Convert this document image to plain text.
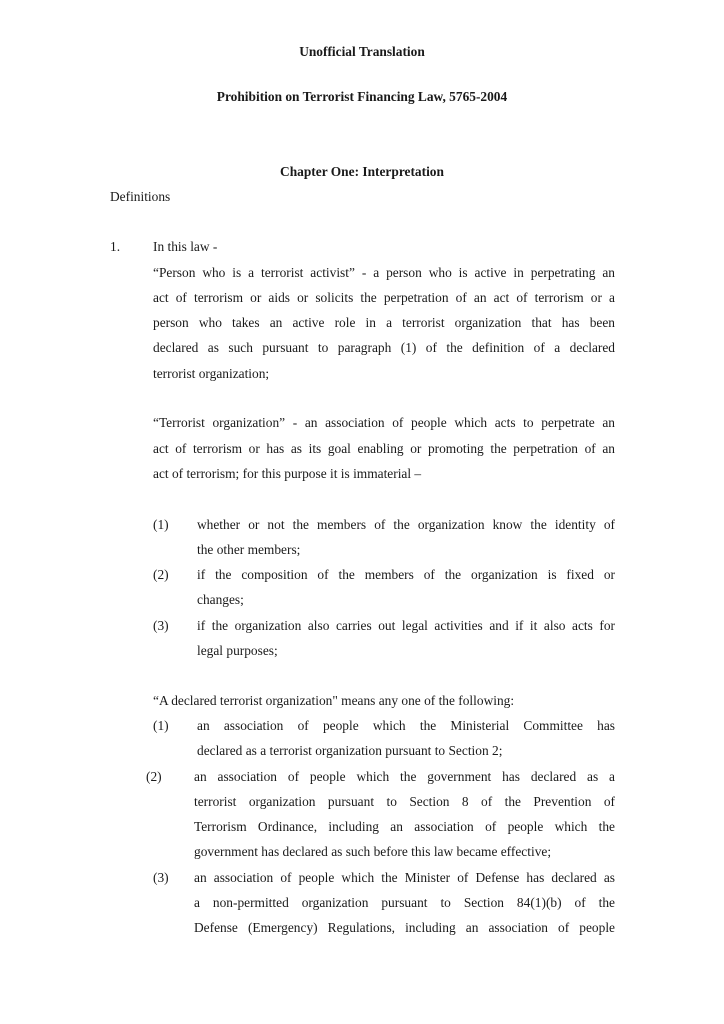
Unofficial Translation

Prohibition on Terrorist Financing Law, 5765-2004

Chapter One: Interpretation

Definitions

1. In this law -

“Person who is a terrorist activist” - a person who is active in perpetrating an

act of terrorism or aids or solicits the perpetration of an act of terrorism or a

person who takes an active role in a terrorist organization that has been

declared as such pursuant to paragraph (1) of the definition of a declared

terrorist organization;

“Terrorist organization” - an association of people which acts to perpetrate an

act of terrorism or has as its goal enabling or promoting the perpetration of an

act of terrorism; for this purpose it is immaterial –

(1) whether or not the members of the organization know the identity of

the other members;

(2) if the composition of the members of the organization is fixed or

changes;

(3) if the organization also carries out legal activities and if it also acts for

legal purposes;

“A declared terrorist organization" means any one of the following:

(1) an association of people which the Ministerial Committee has

declared as a terrorist organization pursuant to Section 2;

(2) an association of people which the government has declared as a

terrorist organization pursuant to Section 8 of the Prevention of

Terrorism Ordinance, including an association of people which the

government has declared as such before this law became effective;

(3) an association of people which the Minister of Defense has declared as

a non-permitted organization pursuant to Section 84(1)(b) of the

Defense (Emergency) Regulations, including an association of people
